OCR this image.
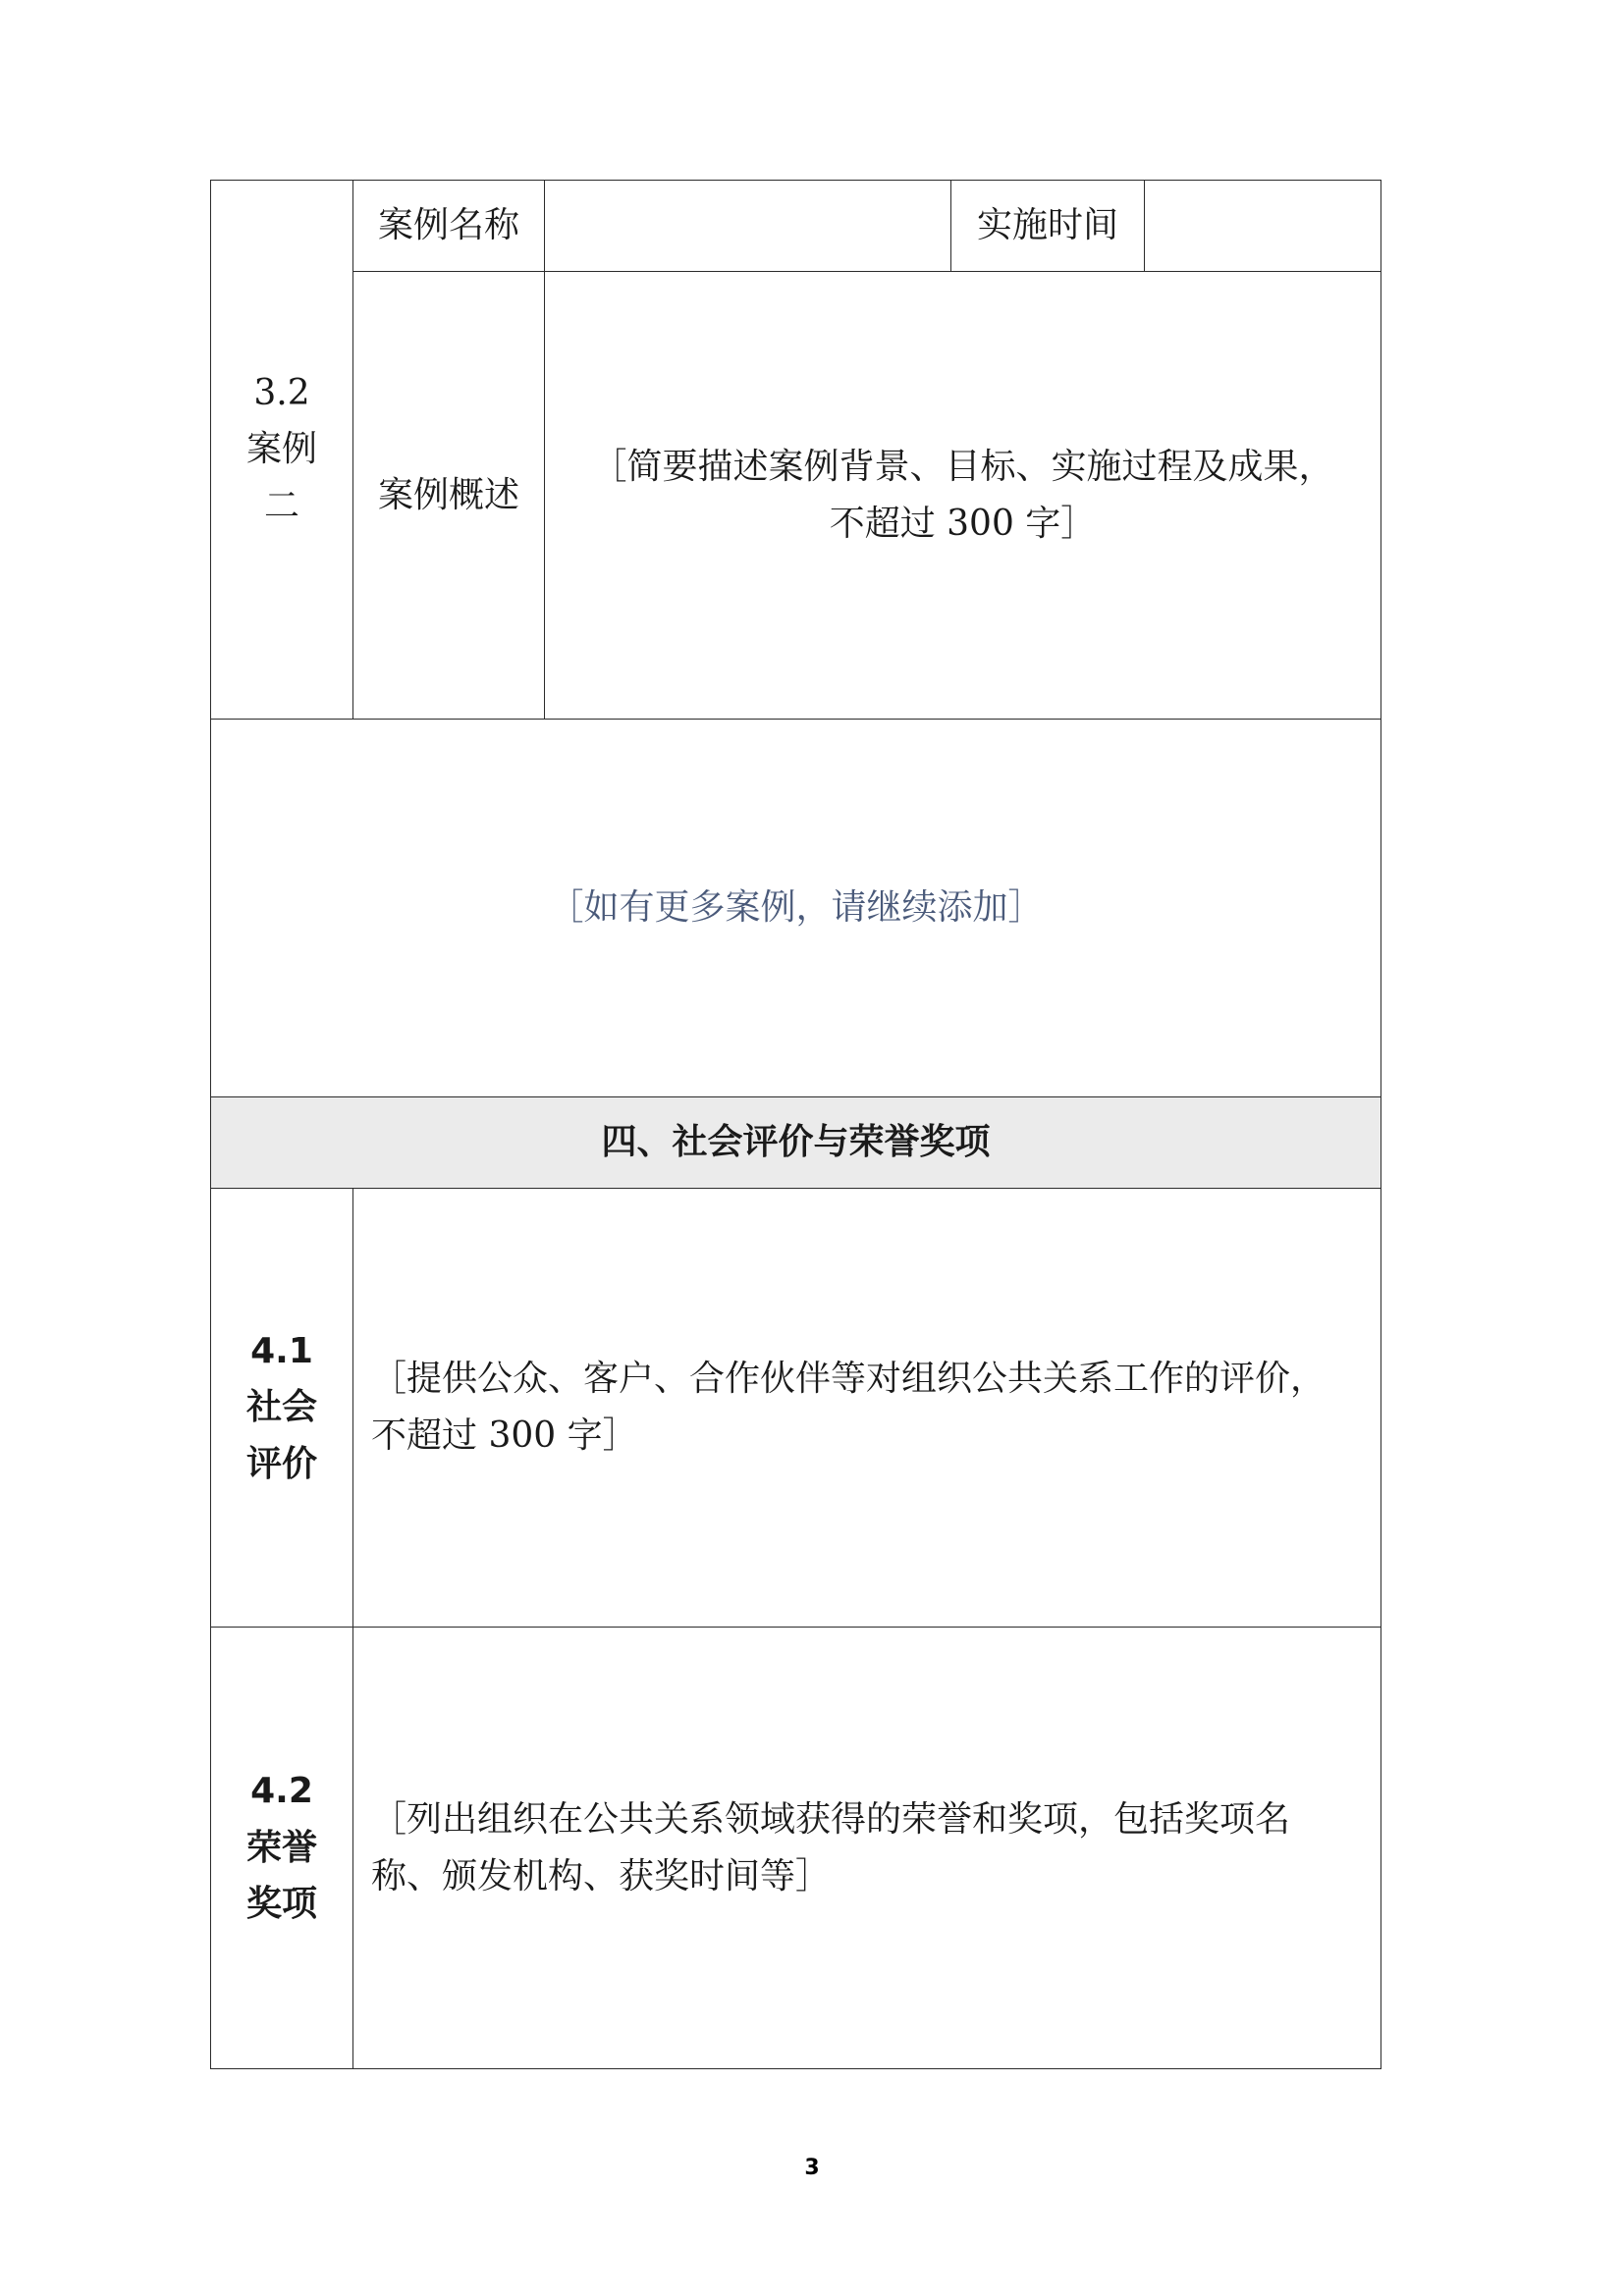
3.2
案例
二	案例名称		实施时间	
	案例概述	［简要描述案例背景、目标、实施过程及成果，
不超过 300 字］		

［如有更多案例，请继续添加］				
四、社会评价与荣誉奖项				

4.1
社会
评价	［提供公众、客户、合作伙伴等对组织公共关系工作的评价，
不超过 300 字］			

4.2
荣誉
奖项	［列出组织在公共关系领域获得的荣誉和奖项，包括奖项名
称、颁发机构、获奖时间等］			
3
